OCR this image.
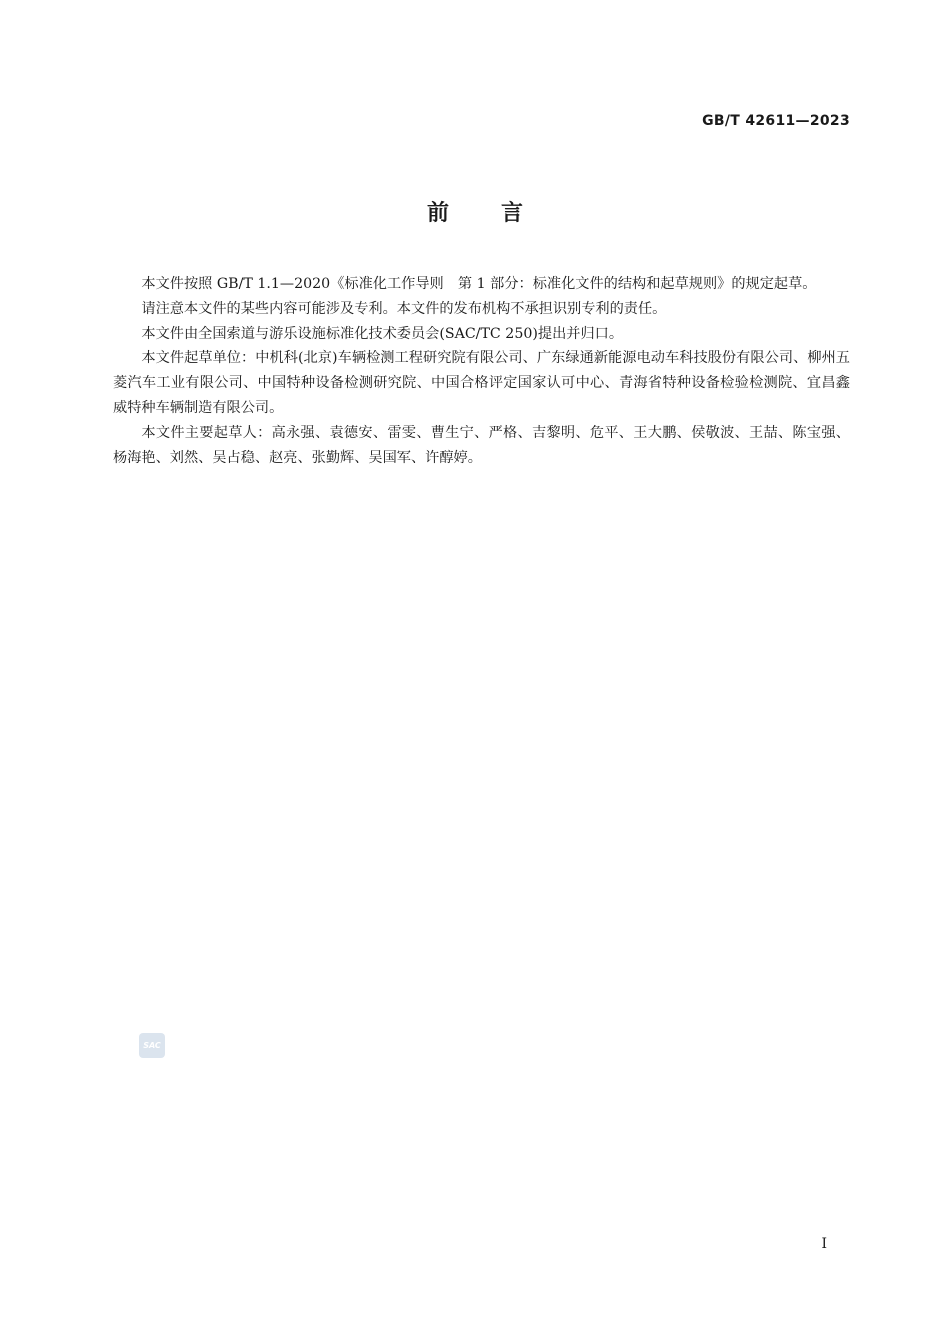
GB/T 42611—2023
前言

本文件按照 GB/T 1.1—2020《标准化工作导则　第 1 部分：标准化文件的结构和起草规则》的规定起草。

请注意本文件的某些内容可能涉及专利。本文件的发布机构不承担识别专利的责任。

本文件由全国索道与游乐设施标准化技术委员会(SAC/TC 250)提出并归口。

本文件起草单位：中机科(北京)车辆检测工程研究院有限公司、广东绿通新能源电动车科技股份有限公司、柳州五菱汽车工业有限公司、中国特种设备检测研究院、中国合格评定国家认可中心、青海省特种设备检验检测院、宜昌鑫威特种车辆制造有限公司。

本文件主要起草人：高永强、袁德安、雷雯、曹生宁、严格、吉黎明、危平、王大鹏、侯敬波、王喆、陈宝强、杨海艳、刘然、吴占稳、赵亮、张勤辉、吴国军、许醇婷。

SAC
I
